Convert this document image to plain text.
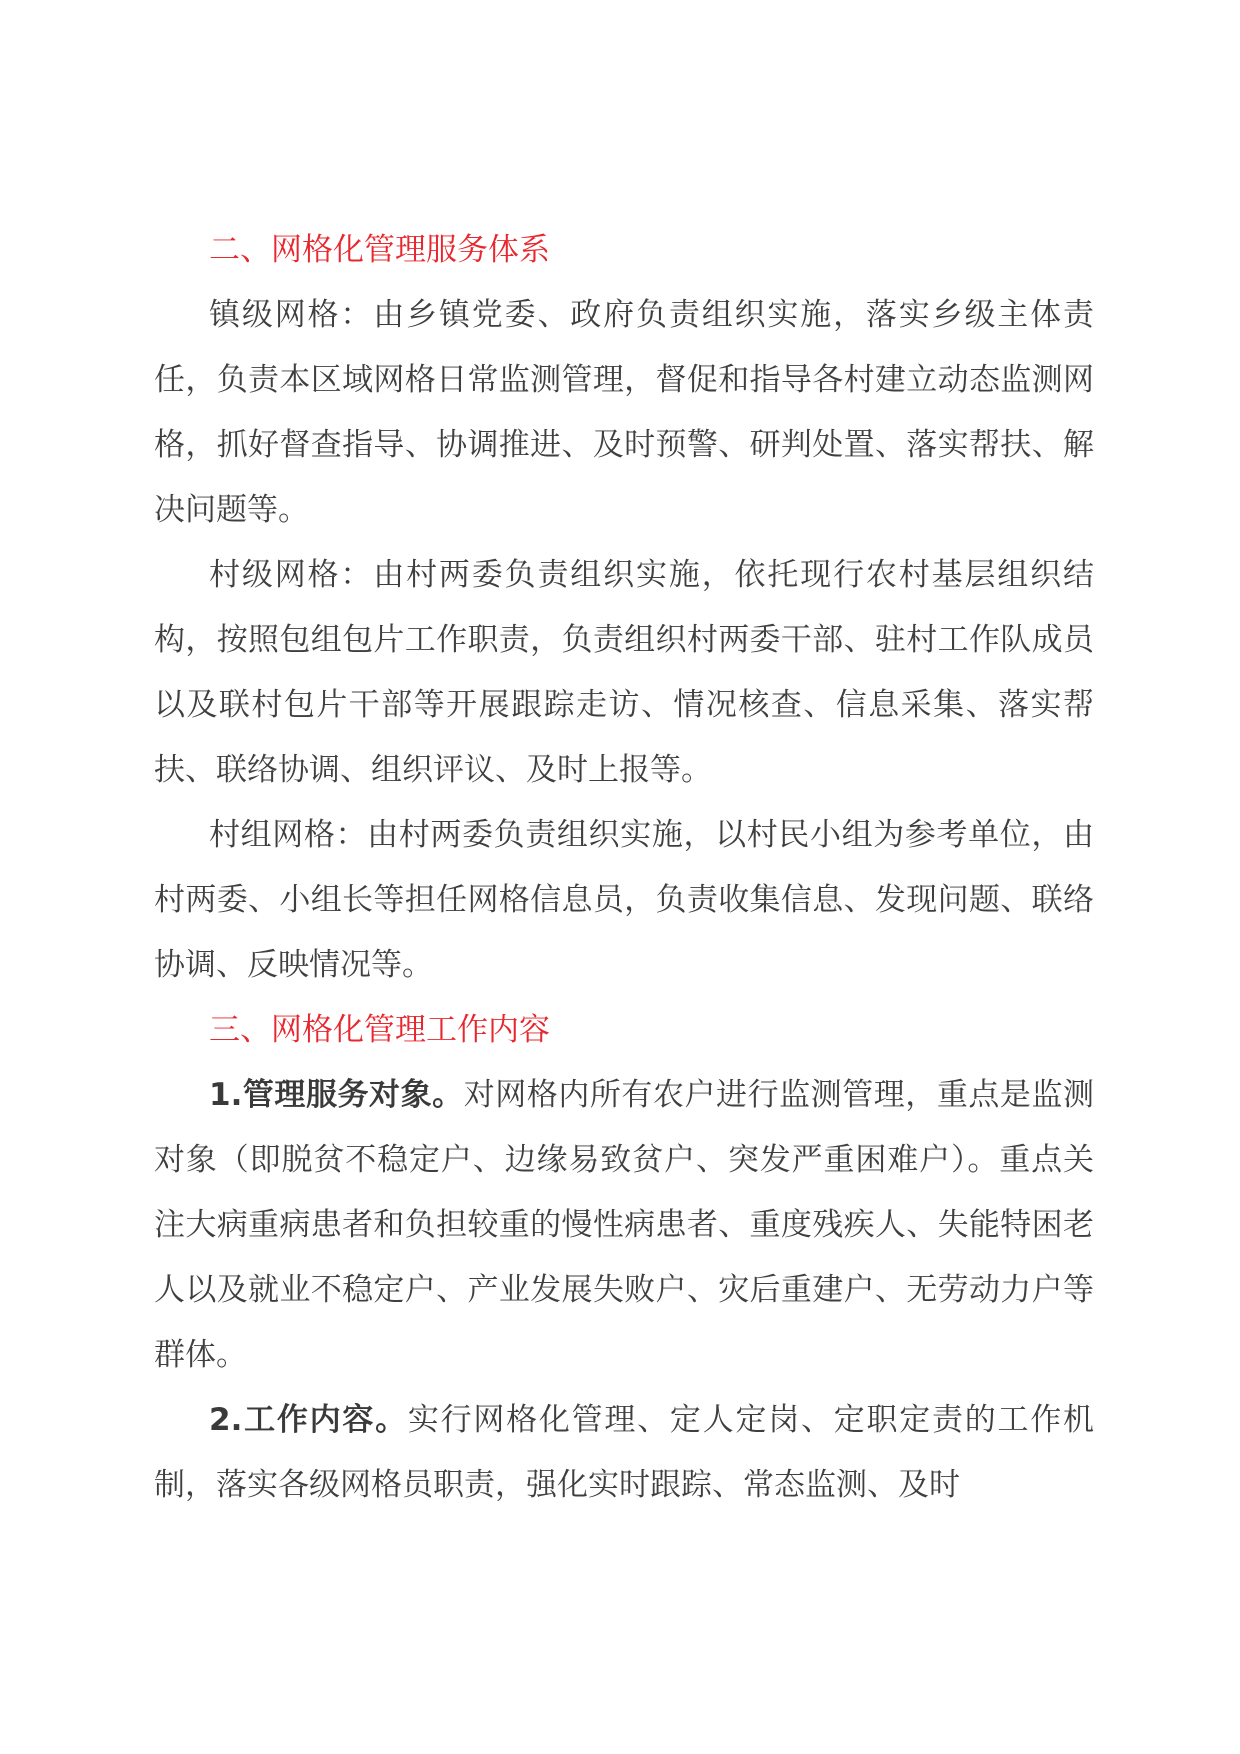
二、网格化管理服务体系

镇级网格：由乡镇党委、政府负责组织实施，落实乡级主体责任，负责本区域网格日常监测管理，督促和指导各村建立动态监测网格，抓好督查指导、协调推进、及时预警、研判处置、落实帮扶、解决问题等。

村级网格：由村两委负责组织实施，依托现行农村基层组织结构，按照包组包片工作职责，负责组织村两委干部、驻村工作队成员以及联村包片干部等开展跟踪走访、情况核查、信息采集、落实帮扶、联络协调、组织评议、及时上报等。

村组网格：由村两委负责组织实施，以村民小组为参考单位，由村两委、小组长等担任网格信息员，负责收集信息、发现问题、联络协调、反映情况等。

三、网格化管理工作内容

1.管理服务对象。对网格内所有农户进行监测管理，重点是监测对象（即脱贫不稳定户、边缘易致贫户、突发严重困难户）。重点关注大病重病患者和负担较重的慢性病患者、重度残疾人、失能特困老人以及就业不稳定户、产业发展失败户、灾后重建户、无劳动力户等群体。

2.工作内容。实行网格化管理、定人定岗、定职定责的工作机制，落实各级网格员职责，强化实时跟踪、常态监测、及时
